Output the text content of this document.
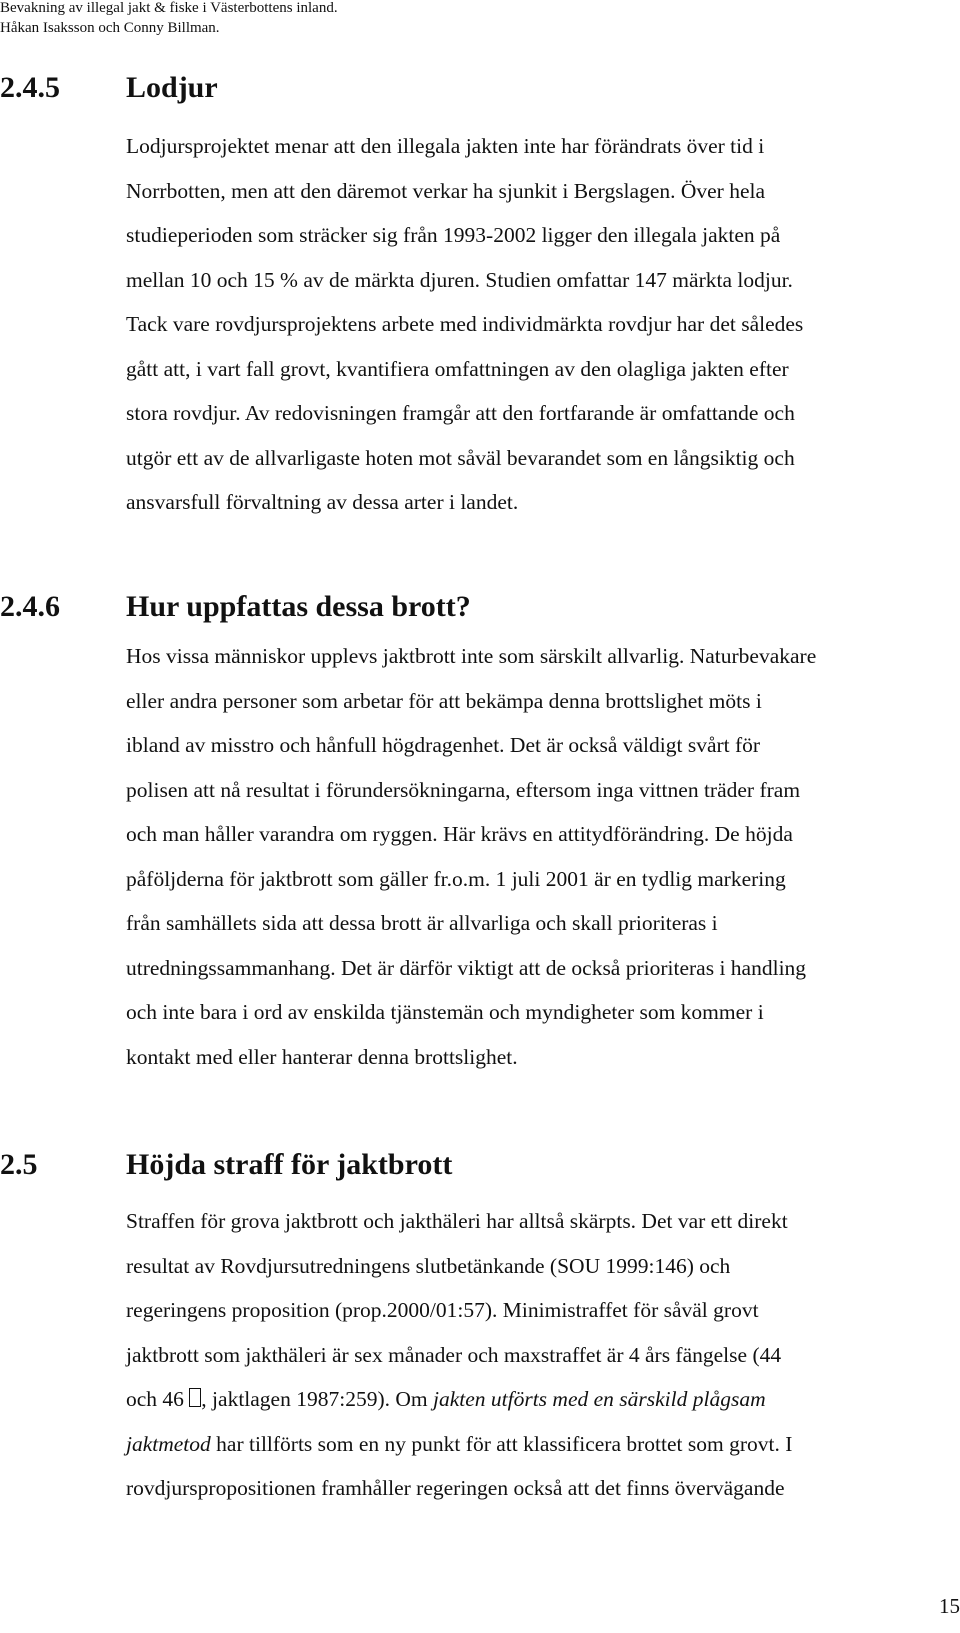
Bevakning av illegal jakt & fiske i Västerbottens inland.
Håkan Isaksson och Conny Billman.
2.4.5 Lodjur

Lodjursprojektet menar att den illegala jakten inte har förändrats över tid i
Norrbotten, men att den däremot verkar ha sjunkit i Bergslagen. Över hela
studieperioden som sträcker sig från 1993-2002 ligger den illegala jakten på
mellan 10 och 15 % av de märkta djuren. Studien omfattar 147 märkta lodjur.
Tack vare rovdjursprojektens arbete med individmärkta rovdjur har det således
gått att, i vart fall grovt, kvantifiera omfattningen av den olagliga jakten efter
stora rovdjur. Av redovisningen framgår att den fortfarande är omfattande och
utgör ett av de allvarligaste hoten mot såväl bevarandet som en långsiktig och
ansvarsfull förvaltning av dessa arter i landet.

2.4.6 Hur uppfattas dessa brott?

Hos vissa människor upplevs jaktbrott inte som särskilt allvarlig. Naturbevakare
eller andra personer som arbetar för att bekämpa denna brottslighet möts i
ibland av misstro och hånfull högdragenhet. Det är också väldigt svårt för
polisen att nå resultat i förundersökningarna, eftersom inga vittnen träder fram
och man håller varandra om ryggen. Här krävs en attitydförändring. De höjda
påföljderna för jaktbrott som gäller fr.o.m. 1 juli 2001 är en tydlig markering
från samhällets sida att dessa brott är allvarliga och skall prioriteras i
utredningssammanhang. Det är därför viktigt att de också prioriteras i handling
och inte bara i ord av enskilda tjänstemän och myndigheter som kommer i
kontakt med eller hanterar denna brottslighet.

2.5	Höjda straff för jaktbrott

Straffen för grova jaktbrott och jakthäleri har alltså skärpts. Det var ett direkt
resultat av Rovdjursutredningens slutbetänkande (SOU 1999:146) och
regeringens proposition (prop.2000/01:57). Minimistraffet för såväl grovt
jaktbrott som jakthäleri är sex månader och maxstraffet är 4 års fängelse (44
och 46 , jaktlagen 1987:259). Om jakten utförts med en särskild plågsam
jaktmetod har tillförts som en ny punkt för att klassificera brottet som grovt. I
rovdjurspropositionen framhåller regeringen också att det finns övervägande

15
